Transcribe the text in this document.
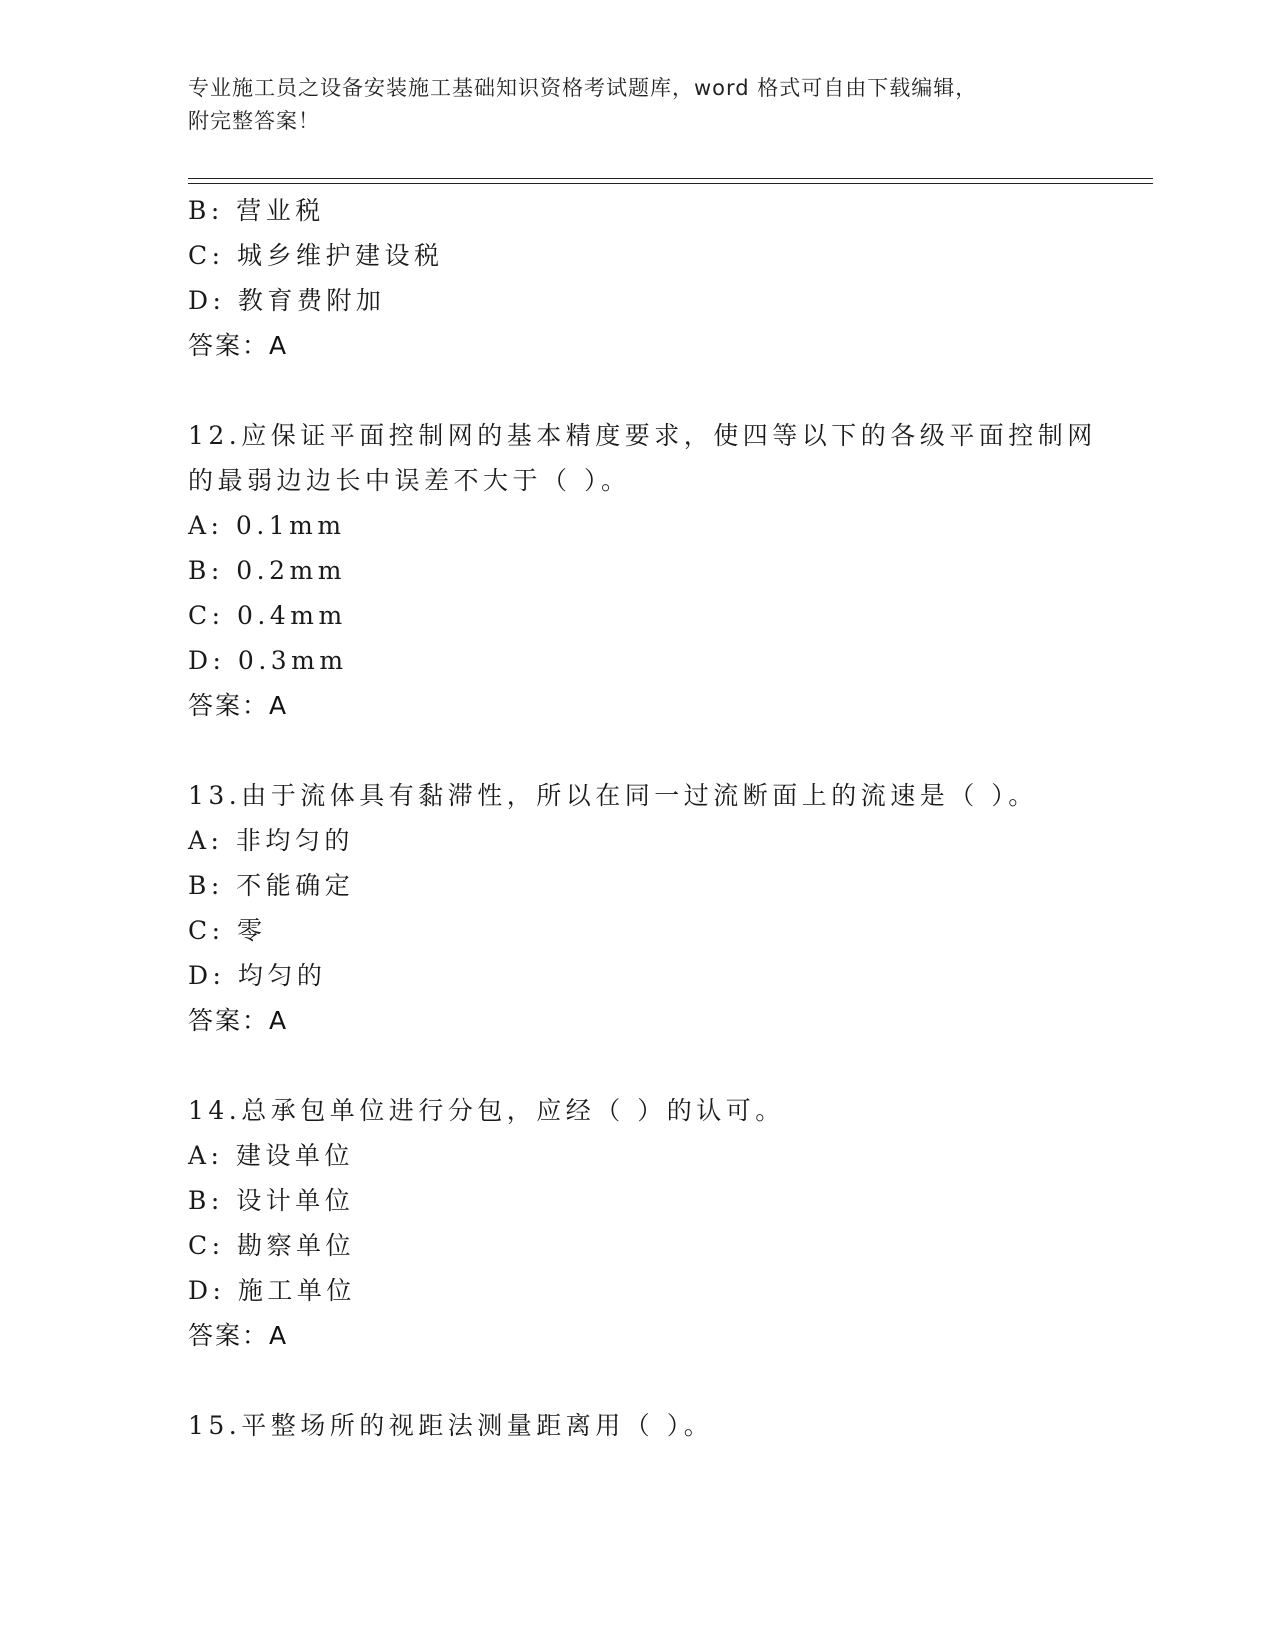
专业施工员之设备安装施工基础知识资格考试题库，word 格式可自由下载编辑，
附完整答案！
B: 营业税
C: 城乡维护建设税
D: 教育费附加
答案：A
12.应保证平面控制网的基本精度要求，使四等以下的各级平面控制网
的最弱边边长中误差不大于（ ）。
A: 0.1mm
B: 0.2mm
C: 0.4mm
D: 0.3mm
答案：A
13.由于流体具有黏滞性，所以在同一过流断面上的流速是（ ）。
A: 非均匀的
B: 不能确定
C: 零
D: 均匀的
答案：A
14.总承包单位进行分包，应经（ ）的认可。
A: 建设单位
B: 设计单位
C: 勘察单位
D: 施工单位
答案：A
15.平整场所的视距法测量距离用（ ）。
